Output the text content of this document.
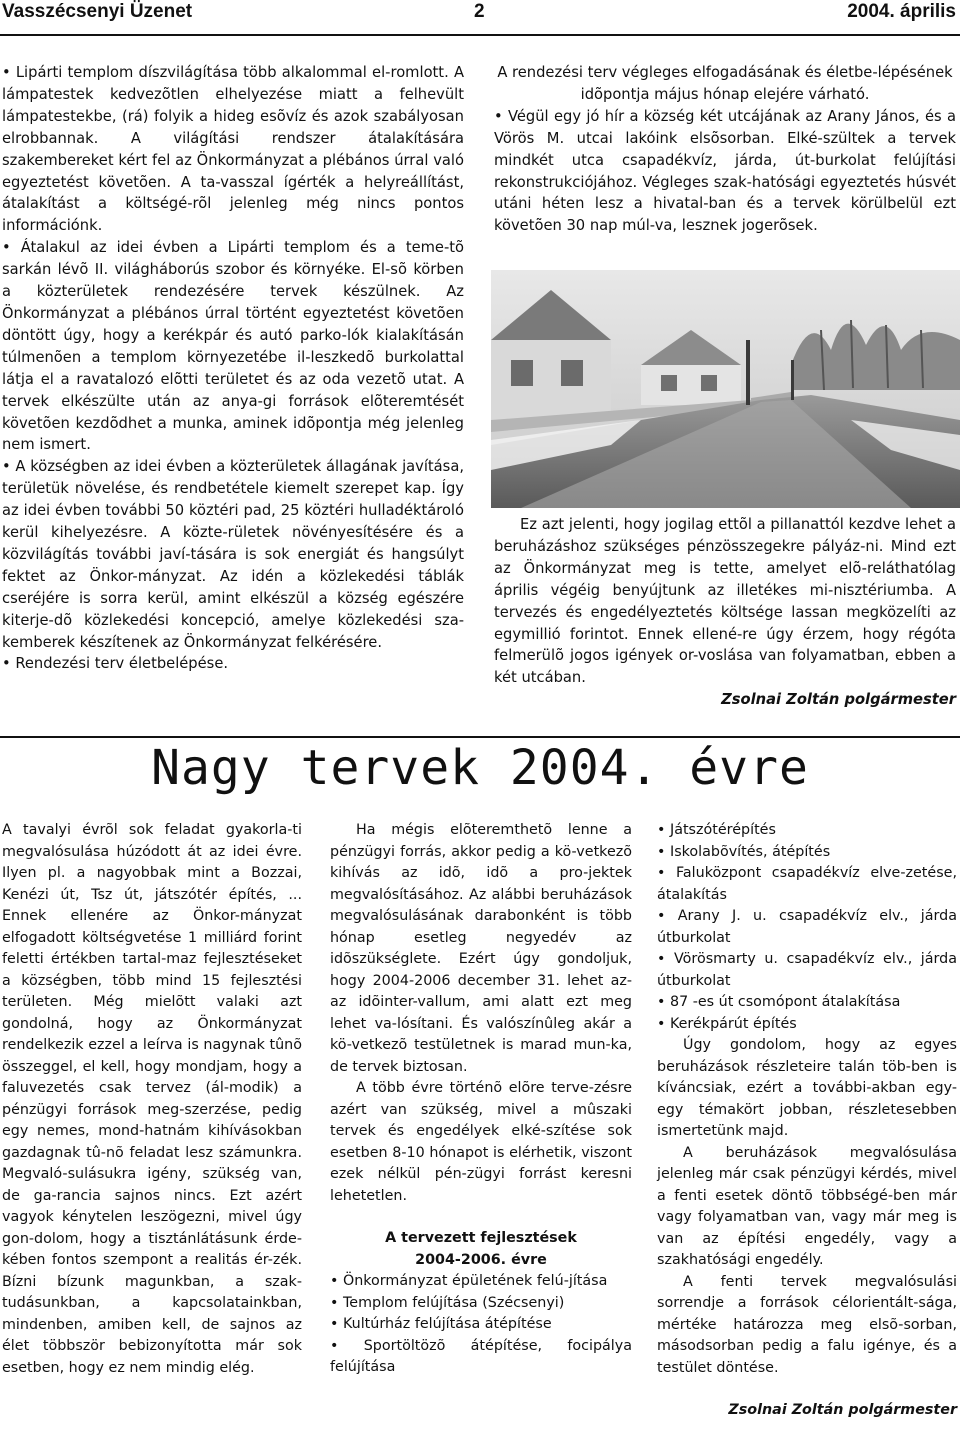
Vasszécsenyi Üzenet	2	2004. április

• Lipárti templom díszvilágítása több alkalommal el-romlott. A lámpatestek kedvezõtlen elhelyezése miatt a felhevült lámpatestekbe, (rá) folyik a hideg esõvíz és azok szabályosan elrobbannak. A világítási rendszer átalakítására szakembereket kért fel az Önkormányzat a plébános úrral való egyeztetést követõen. A ta-vasszal ígérték a helyreállítást, átalakítást a költségé-rõl jelenleg még nincs pontos információnk.

• Átalakul az idei évben a Lipárti templom és a teme-tõ sarkán lévõ II. világháborús szobor és környéke. El-sõ körben a közterületek rendezésére tervek készülnek. Az Önkormányzat a plébános úrral történt egyeztetést követõen döntött úgy, hogy a kerékpár és autó parko-lók kialakításán túlmenõen a templom környezetébe il-leszkedõ burkolattal látja el a ravatalozó elõtti területet és az oda vezetõ utat. A tervek elkészülte után az anya-gi források elõteremtését követõen kezdõdhet a munka, aminek idõpontja még jelenleg nem ismert.

• A községben az idei évben a közterületek állagának javítása, területük növelése, és rendbetétele kiemelt szerepet kap. Így az idei évben további 50 köztéri pad, 25 köztéri hulladéktároló kerül kihelyezésre. A közte-rületek növényesítésére és a közvilágítás további javí-tására is sok energiát és hangsúlyt fektet az Önkor-mányzat. Az idén a közlekedési táblák cseréjére is sorra kerül, amint elkészül a község egészére kiterje-dõ közlekedési koncepció, amelye közlekedési sza-kemberek készítenek az Önkormányzat felkérésére.

• Rendezési terv életbelépése.

A rendezési terv végleges elfogadásának és életbe-lépésének idõpontja május hónap elejére várható.

• Végül egy jó hír a község két utcájának az Arany János, és a Vörös M. utcai lakóink elsõsorban. Elké-szültek a tervek mindkét utca csapadékvíz, járda, út-burkolat felújítási rekonstrukciójához. Végleges szak-hatósági egyeztetés húsvét utáni héten lesz a hivatal-ban és a tervek körülbelül ezt követõen 30 nap múl-va, lesznek jogerõsek.

Ez azt jelenti, hogy jogilag ettõl a pillanattól kezdve lehet a beruházáshoz szükséges pénzösszegekre pályáz-ni. Mind ezt az Önkormányzat meg is tette, amelyet elõ-reláthatólag április végéig benyújtunk az illetékes mi-nisztériumba. A tervezés és engedélyeztetés költsége lassan megközelíti az egymillió forintot. Ennek ellené-re úgy érzem, hogy régóta felmerülõ jogos igények or-voslása van folyamatban, ebben a két utcában.

Zsolnai Zoltán polgármester

Nagy tervek 2004. évre

A tavalyi évrõl sok feladat gyakorla-ti megvalósulása húzódott át az idei évre. Ilyen pl. a nagyobbak mint a Bozzai, Kenézi út, Tsz út, játszótér építés, ... Ennek ellenére az Önkor-mányzat elfogadott költségvetése 1 milliárd forint feletti értékben tartal-maz fejlesztéseket a községben, több mind 15 fejlesztési területen. Még mielõtt valaki azt gondolná, hogy az Önkormányzat rendelkezik ezzel a leírva is nagynak tûnõ összeggel, el kell, hogy mondjam, hogy a faluvezetés csak tervez (ál-modik) a pénzügyi források meg-szerzése, pedig egy nemes, mond-hatnám kihívásokban gazdagnak tû-nõ feladat lesz számunkra. Megvaló-sulásukra igény, szükség van, de ga-rancia sajnos nincs. Ezt azért vagyok kénytelen leszögezni, mivel úgy gon-dolom, hogy a tisztánlátásunk érde-kében fontos szempont a realitás ér-zék. Bízni bízunk magunkban, a szak-tudásunkban, a kapcsolatainkban, mindenben, amiben kell, de sajnos az élet többször bebizonyította már sok esetben, hogy ez nem mindig elég.

Ha mégis elõteremthetõ lenne a pénzügyi forrás, akkor pedig a kö-vetkezõ kihívás az idõ, idõ a pro-jektek megvalósításához. Az alábbi beruházások megvalósulásának darabonként is több hónap esetleg negyedév az idõszükséglete. Ezért úgy gondoljuk, hogy 2004-2006 december 31. lehet az-az idõinter-vallum, ami alatt ezt meg lehet va-lósítani. És valószínûleg akár a kö-vetkezõ testületnek is marad mun-ka, de tervek biztosan.

A több évre történõ elõre terve-zésre azért van szükség, mivel a mûszaki tervek és engedélyek elké-szítése sok esetben 8-10 hónapot is elérhetik, viszont ezek nélkül pén-zügyi forrást keresni lehetetlen.

A tervezett fejlesztések

2004-2006. évre

• Önkormányzat épületének felú-jítása

• Templom felújítása (Szécsenyi)

• Kultúrház felújítása átépítése

• Sportöltözõ átépítése, focipálya felújítása

• Játszótérépítés

• Iskolabõvítés, átépítés

• Faluközpont csapadékvíz elve-zetése, átalakítás

• Arany J. u. csapadékvíz elv., járda útburkolat

• Vörösmarty u. csapadékvíz elv., járda útburkolat

• 87 -es út csomópont átalakítása

• Kerékpárút építés

Úgy gondolom, hogy az egyes beruházások részleteire talán töb-ben is kíváncsiak, ezért a további-akban egy-egy témakört jobban, részletesebben ismertetünk majd.

A beruházások megvalósulása jelenleg már csak pénzügyi kérdés, mivel a fenti esetek döntõ többségé-ben már vagy folyamatban van, vagy már meg is van az építési engedély, vagy a szakhatósági engedély.

A fenti tervek megvalósulási sorrendje a források célorientált-sága, mértéke határozza meg elsõ-sorban, másodsorban pedig a falu igénye, és a testület döntése.

Zsolnai Zoltán polgármester
